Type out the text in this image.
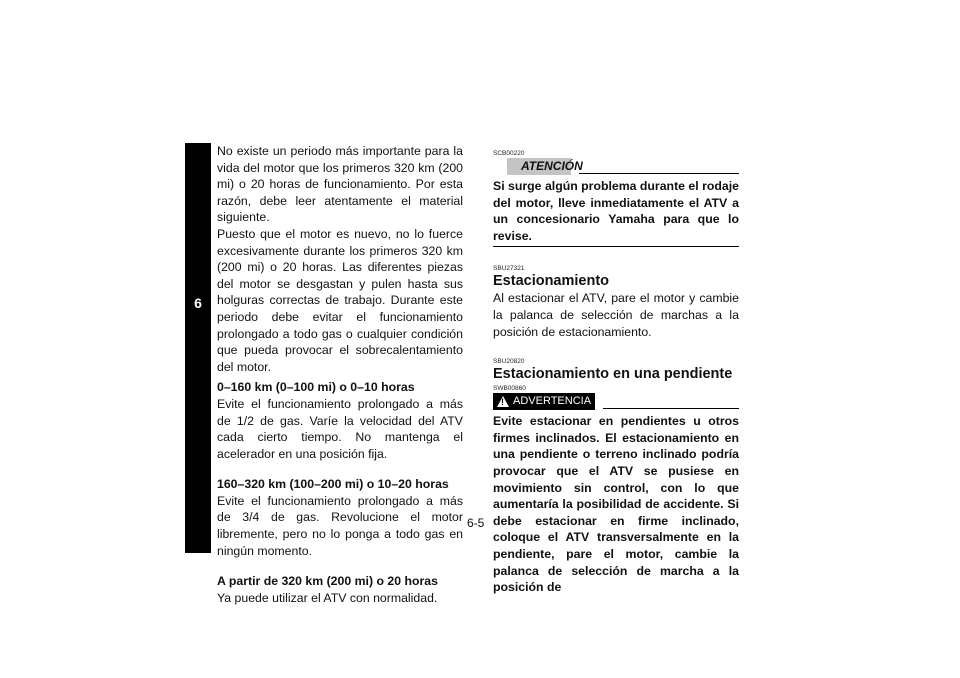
6

No existe un periodo más importante para la vida del motor que los primeros 320 km (200 mi) o 20 horas de funcionamiento. Por esta razón, debe leer atentamente el material siguiente.

Puesto que el motor es nuevo, no lo fuerce excesivamente durante los primeros 320 km (200 mi) o 20 horas. Las diferentes piezas del motor se desgastan y pulen hasta sus holguras correctas de trabajo. Durante este periodo debe evitar el funcionamiento prolongado a todo gas o cualquier condición que pueda provocar el sobrecalentamiento del motor.

0–160 km (0–100 mi) o 0–10 horas

Evite el funcionamiento prolongado a más de 1/2 de gas. Varíe la velocidad del ATV cada cierto tiempo. No mantenga el acelerador en una posición fija.

160–320 km (100–200 mi) o 10–20 horas

Evite el funcionamiento prolongado a más de 3/4 de gas. Revolucione el motor libremente, pero no lo ponga a todo gas en ningún momento.

A partir de 320 km (200 mi) o 20 horas

Ya puede utilizar el ATV con normalidad.

SCB00220

ATENCIÓN

Si surge algún problema durante el rodaje del motor, lleve inmediatamente el ATV a un concesionario Yamaha para que lo revise.

SBU27321

Estacionamiento

Al estacionar el ATV, pare el motor y cambie la palanca de selección de marchas a la posición de estacionamiento.

SBU20820

Estacionamiento en una pendiente

SWB00860

!
ADVERTENCIA

Evite estacionar en pendientes u otros firmes inclinados. El estacionamiento en una pendiente o terreno inclinado podría provocar que el ATV se pusiese en movimiento sin control, con lo que aumentaría la posibilidad de accidente. Si debe estacionar en firme inclinado, coloque el ATV transversalmente en la pendiente, pare el motor, cambie la palanca de selección de marcha a la posición de

6-5
